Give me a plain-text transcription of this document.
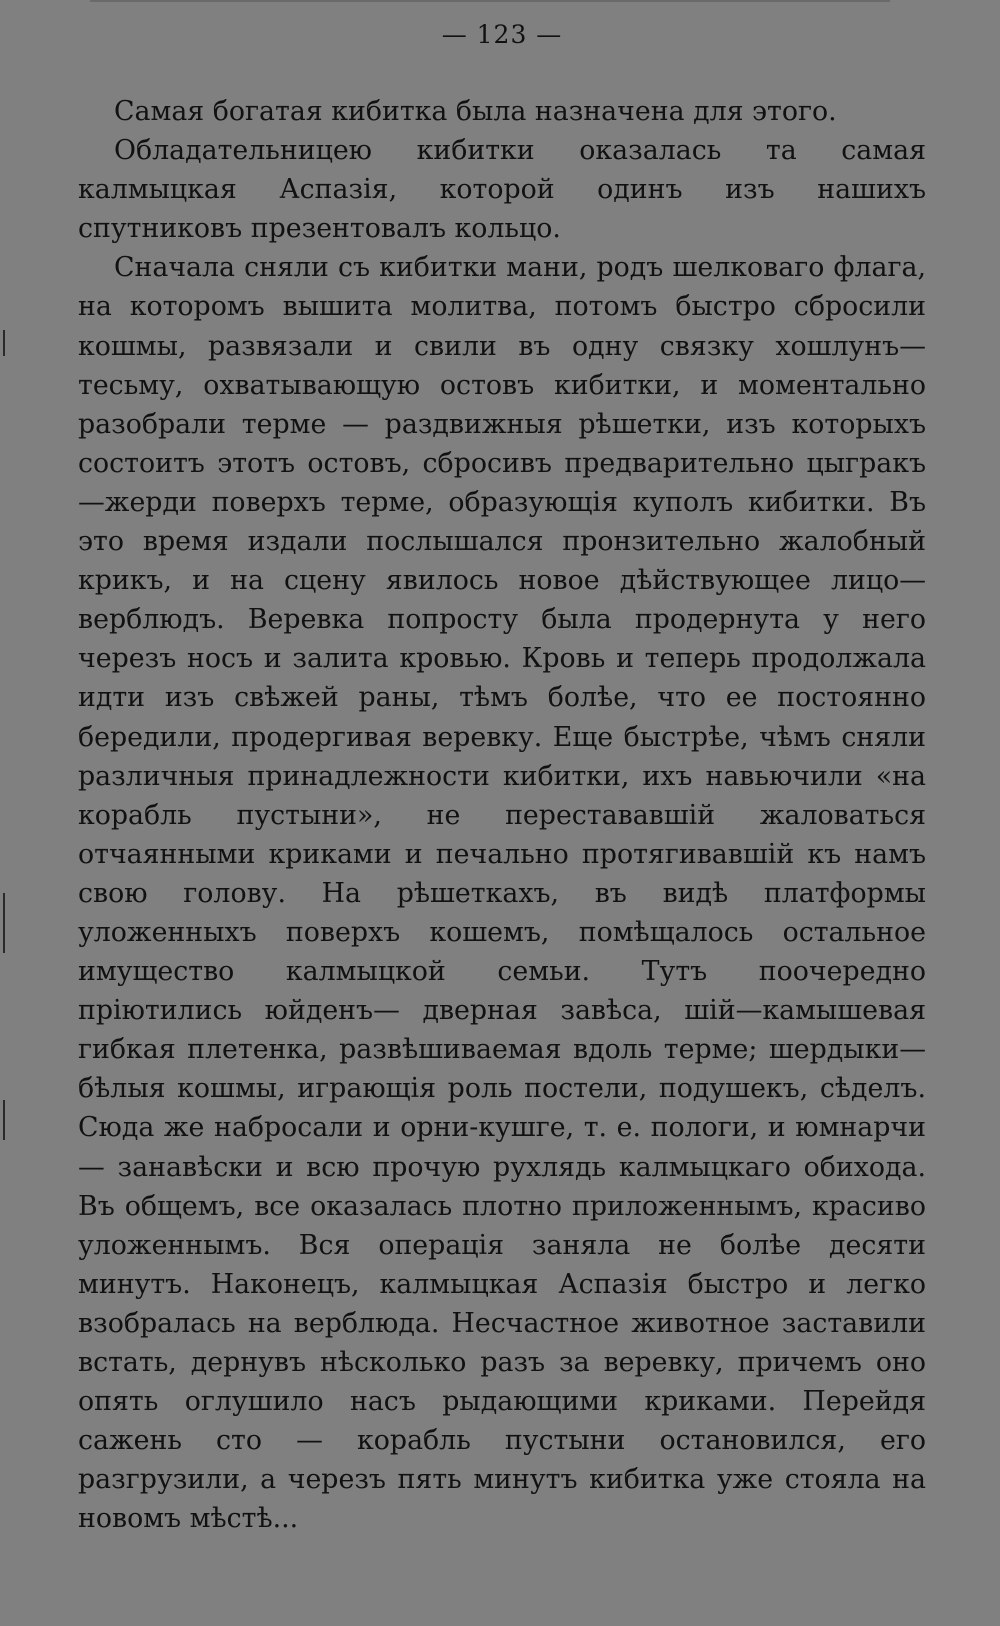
— 123 —

Самая богатая кибитка была назначена для этого.

Обладательницею кибитки оказалась та самая калмыцкая Аспазія, которой одинъ изъ нашихъ спутниковъ презентовалъ кольцо.

Сначала сняли съ кибитки мани, родъ шелковаго флага, на которомъ вышита молитва, потомъ быстро сбросили кошмы, развязали и свили въ одну связку хошлунъ— тесьму, охватывающую остовъ кибитки, и моментально разобрали терме — раздвижныя рѣшетки, изъ которыхъ состоитъ этотъ остовъ, сбросивъ предварительно цыгракъ—жерди поверхъ терме, образующія куполъ кибитки. Въ это время издали послышался пронзительно жалобный крикъ, и на сцену явилось новое дѣйствующее лицо— верблюдъ. Веревка попросту была продернута у него черезъ носъ и залита кровью. Кровь и теперь продолжала идти изъ свѣжей раны, тѣмъ болѣе, что ее постоянно бередили, продергивая веревку. Еще быстрѣе, чѣмъ сняли различныя принадлежности кибитки, ихъ навьючили «на корабль пустыни», не перестававшій жаловаться отчаянными криками и печально протягивавшій къ намъ свою голову. На рѣшеткахъ, въ видѣ платформы уложенныхъ поверхъ кошемъ, помѣщалось остальное имущество калмыцкой семьи. Тутъ поочередно пріютились юйденъ— дверная завѣса, шій—камышевая гибкая плетенка, развѣшиваемая вдоль терме; шердыки—бѣлыя кошмы, играющія роль постели, подушекъ, сѣделъ. Сюда же набросали и орни-кушге, т. е. пологи, и юмнарчи — занавѣски и всю прочую рухлядь калмыцкаго обихода. Въ общемъ, все оказалась плотно приложеннымъ, красиво уложеннымъ. Вся операція заняла не болѣе десяти минутъ. Наконецъ, калмыцкая Аспазія быстро и легко взобралась на верблюда. Несчастное животное заставили встать, дернувъ нѣсколько разъ за веревку, причемъ оно опять оглушило насъ рыдающими криками. Перейдя сажень сто — корабль пустыни остановился, его разгрузили, а черезъ пять минутъ кибитка уже стояла на новомъ мѣстѣ...
